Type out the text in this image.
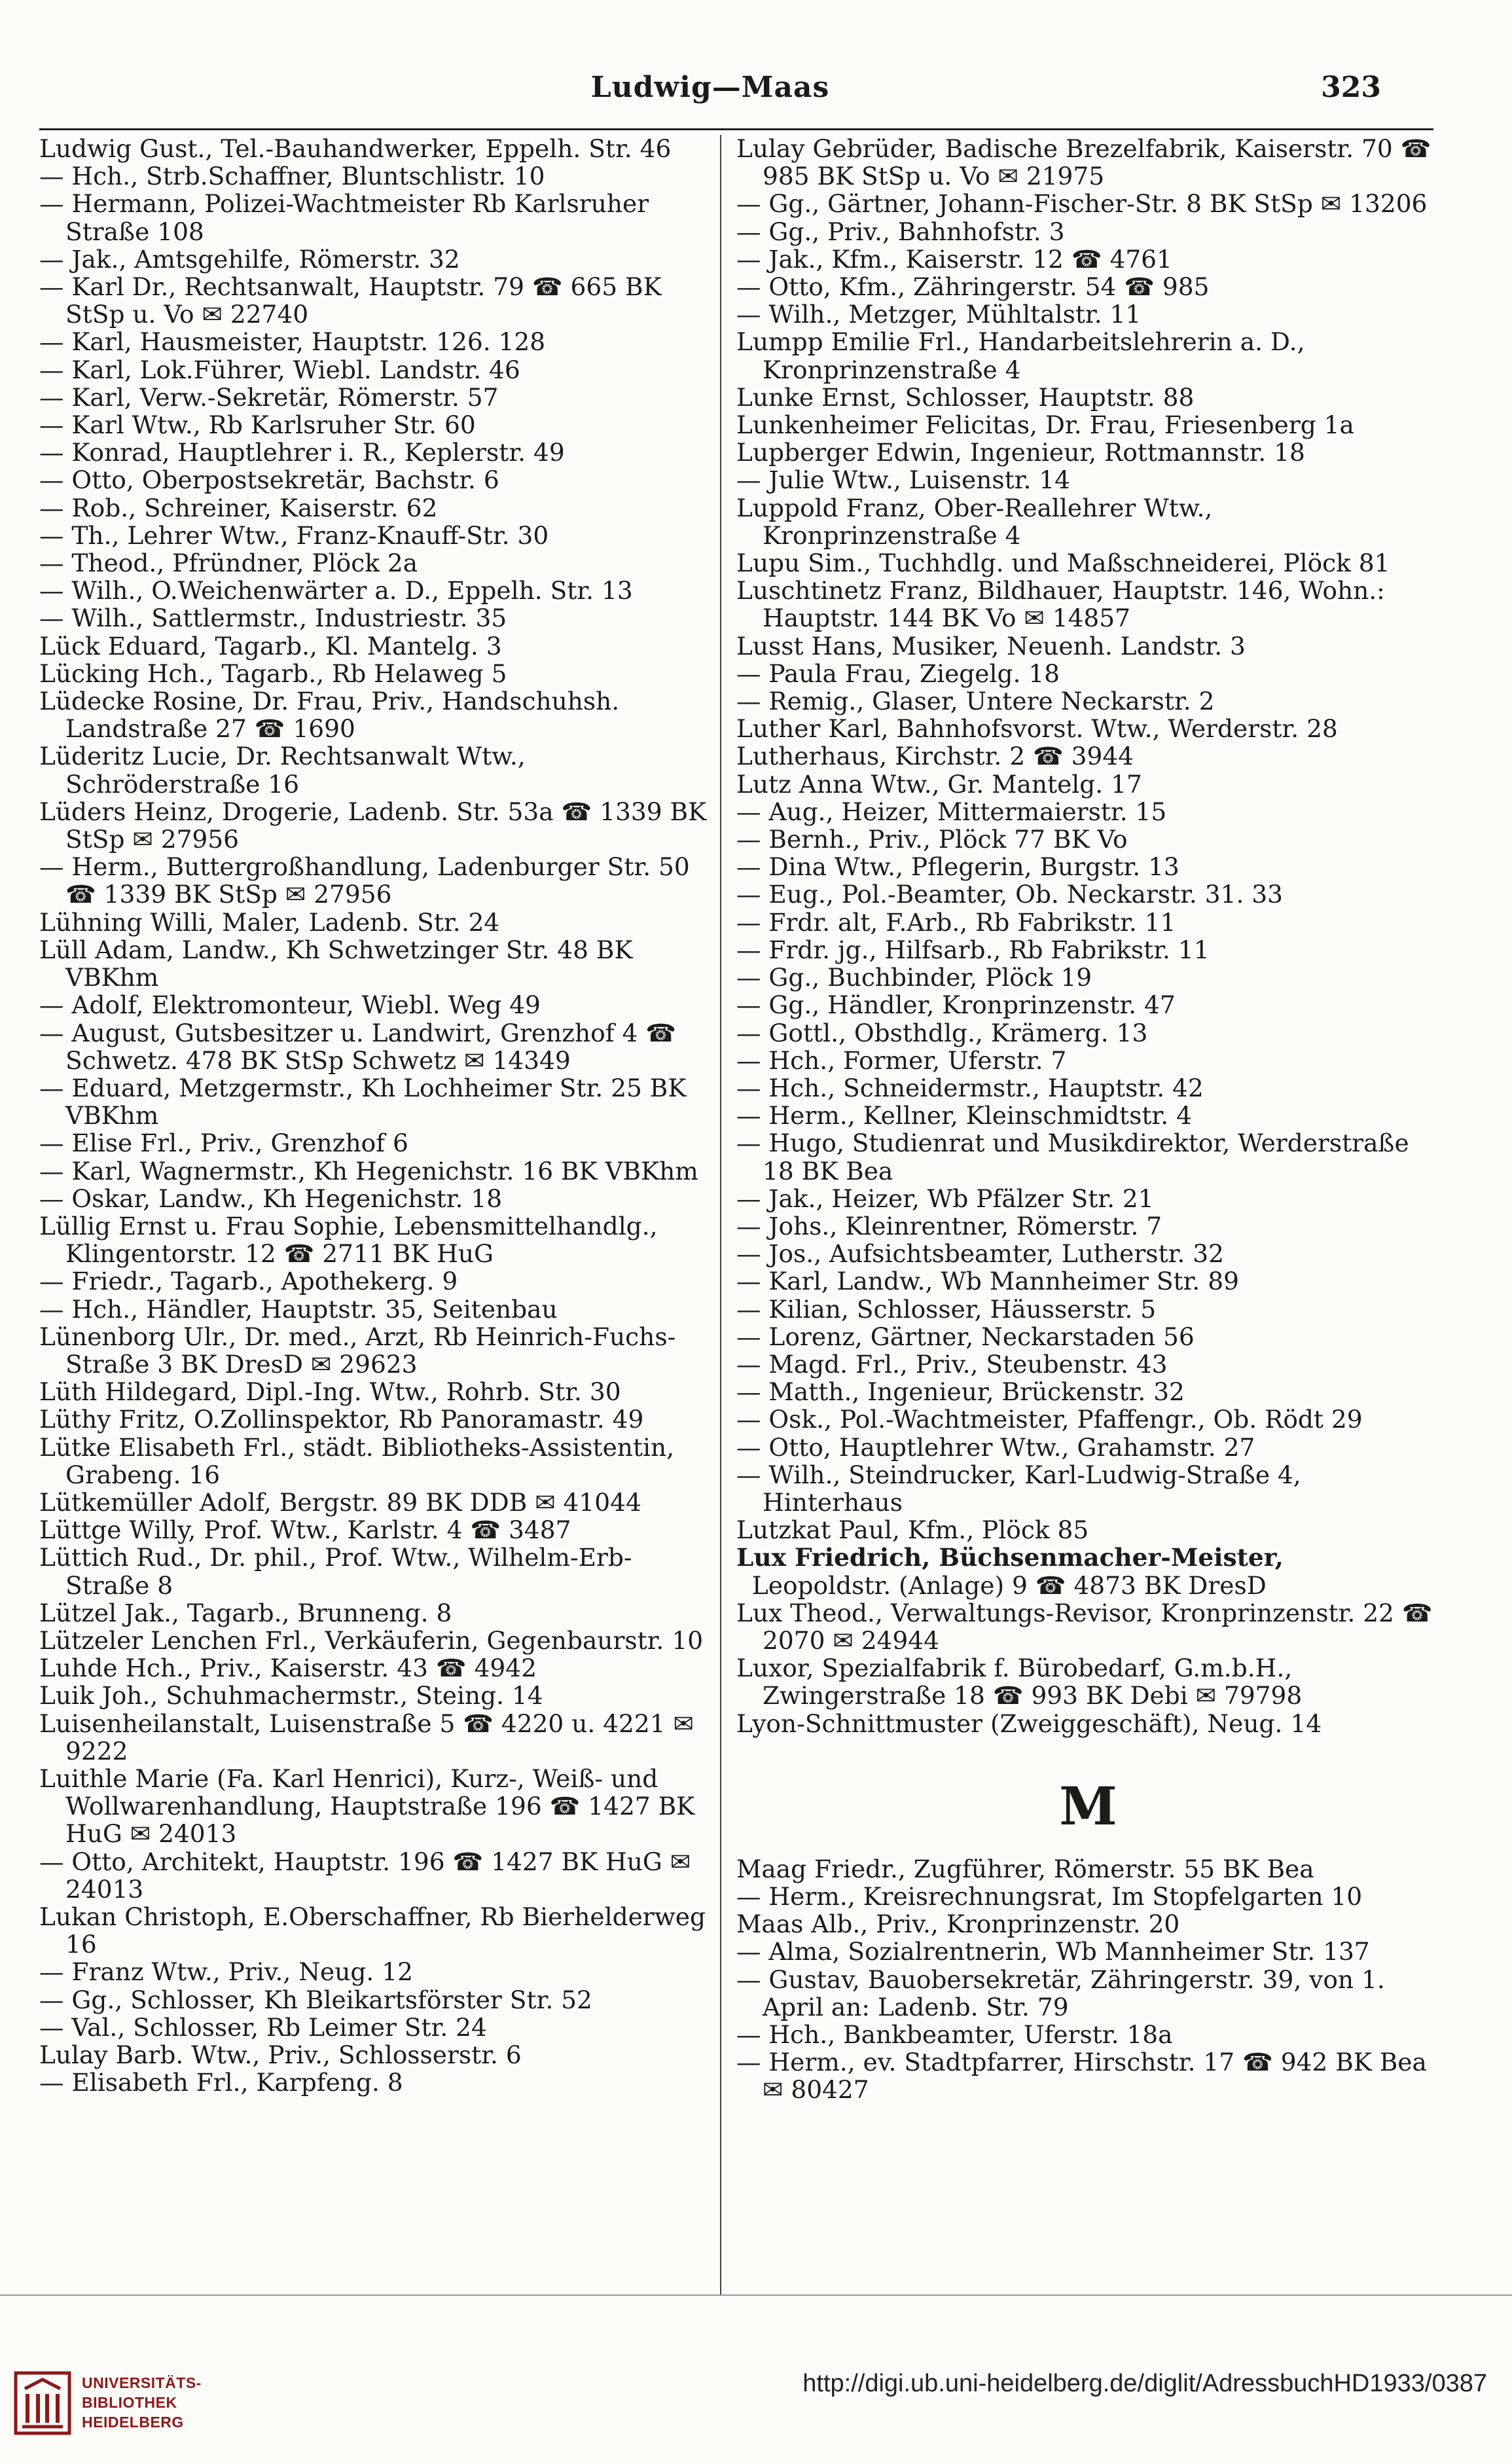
Ludwig—Maas	323

Ludwig Gust., Tel.-Bauhandwerker, Eppelh. Str. 46

— Hch., Strb.Schaffner, Bluntschlistr. 10

— Hermann, Polizei-Wachtmeister Rb Karlsruher Straße 108

— Jak., Amtsgehilfe, Römerstr. 32

— Karl Dr., Rechtsanwalt, Hauptstr. 79 ☎ 665 BK StSp u. Vo ✉ 22740

— Karl, Hausmeister, Hauptstr. 126. 128

— Karl, Lok.Führer, Wiebl. Landstr. 46

— Karl, Verw.-Sekretär, Römerstr. 57

— Karl Wtw., Rb Karlsruher Str. 60

— Konrad, Hauptlehrer i. R., Keplerstr. 49

— Otto, Oberpostsekretär, Bachstr. 6

— Rob., Schreiner, Kaiserstr. 62

— Th., Lehrer Wtw., Franz-Knauff-Str. 30

— Theod., Pfründner, Plöck 2a

— Wilh., O.Weichenwärter a. D., Eppelh. Str. 13

— Wilh., Sattlermstr., Industriestr. 35

Lück Eduard, Tagarb., Kl. Mantelg. 3

Lücking Hch., Tagarb., Rb Helaweg 5

Lüdecke Rosine, Dr. Frau, Priv., Handschuhsh. Landstraße 27 ☎ 1690

Lüderitz Lucie, Dr. Rechtsanwalt Wtw., Schröderstraße 16

Lüders Heinz, Drogerie, Ladenb. Str. 53a ☎ 1339 BK StSp ✉ 27956

— Herm., Buttergroßhandlung, Ladenburger Str. 50 ☎ 1339 BK StSp ✉ 27956

Lühning Willi, Maler, Ladenb. Str. 24

Lüll Adam, Landw., Kh Schwetzinger Str. 48 BK VBKhm

— Adolf, Elektromonteur, Wiebl. Weg 49

— August, Gutsbesitzer u. Landwirt, Grenzhof 4 ☎ Schwetz. 478 BK StSp Schwetz ✉ 14349

— Eduard, Metzgermstr., Kh Lochheimer Str. 25 BK VBKhm

— Elise Frl., Priv., Grenzhof 6

— Karl, Wagnermstr., Kh Hegenichstr. 16 BK VBKhm

— Oskar, Landw., Kh Hegenichstr. 18

Lüllig Ernst u. Frau Sophie, Lebensmittelhandlg., Klingentorstr. 12 ☎ 2711 BK HuG

— Friedr., Tagarb., Apothekerg. 9

— Hch., Händler, Hauptstr. 35, Seitenbau

Lünenborg Ulr., Dr. med., Arzt, Rb Heinrich-Fuchs-Straße 3 BK DresD ✉ 29623

Lüth Hildegard, Dipl.-Ing. Wtw., Rohrb. Str. 30

Lüthy Fritz, O.Zollinspektor, Rb Panoramastr. 49

Lütke Elisabeth Frl., städt. Bibliotheks-Assistentin, Grabeng. 16

Lütkemüller Adolf, Bergstr. 89 BK DDB ✉ 41044

Lüttge Willy, Prof. Wtw., Karlstr. 4 ☎ 3487

Lüttich Rud., Dr. phil., Prof. Wtw., Wilhelm-Erb-Straße 8

Lützel Jak., Tagarb., Brunneng. 8

Lützeler Lenchen Frl., Verkäuferin, Gegenbaurstr. 10

Luhde Hch., Priv., Kaiserstr. 43 ☎ 4942

Luik Joh., Schuhmachermstr., Steing. 14

Luisenheilanstalt, Luisenstraße 5 ☎ 4220 u. 4221 ✉ 9222

Luithle Marie (Fa. Karl Henrici), Kurz-, Weiß- und Wollwarenhandlung, Hauptstraße 196 ☎ 1427 BK HuG ✉ 24013

— Otto, Architekt, Hauptstr. 196 ☎ 1427 BK HuG ✉ 24013

Lukan Christoph, E.Oberschaffner, Rb Bierhelderweg 16

— Franz Wtw., Priv., Neug. 12

— Gg., Schlosser, Kh Bleikartsförster Str. 52

— Val., Schlosser, Rb Leimer Str. 24

Lulay Barb. Wtw., Priv., Schlosserstr. 6

— Elisabeth Frl., Karpfeng. 8

Lulay Gebrüder, Badische Brezelfabrik, Kaiserstr. 70 ☎ 985 BK StSp u. Vo ✉ 21975

— Gg., Gärtner, Johann-Fischer-Str. 8 BK StSp ✉ 13206

— Gg., Priv., Bahnhofstr. 3

— Jak., Kfm., Kaiserstr. 12 ☎ 4761

— Otto, Kfm., Zähringerstr. 54 ☎ 985

— Wilh., Metzger, Mühltalstr. 11

Lumpp Emilie Frl., Handarbeitslehrerin a. D., Kronprinzenstraße 4

Lunke Ernst, Schlosser, Hauptstr. 88

Lunkenheimer Felicitas, Dr. Frau, Friesenberg 1a

Lupberger Edwin, Ingenieur, Rottmannstr. 18

— Julie Wtw., Luisenstr. 14

Luppold Franz, Ober-Reallehrer Wtw., Kronprinzenstraße 4

Lupu Sim., Tuchhdlg. und Maßschneiderei, Plöck 81

Luschtinetz Franz, Bildhauer, Hauptstr. 146, Wohn.: Hauptstr. 144 BK Vo ✉ 14857

Lusst Hans, Musiker, Neuenh. Landstr. 3

— Paula Frau, Ziegelg. 18

— Remig., Glaser, Untere Neckarstr. 2

Luther Karl, Bahnhofsvorst. Wtw., Werderstr. 28

Lutherhaus, Kirchstr. 2 ☎ 3944

Lutz Anna Wtw., Gr. Mantelg. 17

— Aug., Heizer, Mittermaierstr. 15

— Bernh., Priv., Plöck 77 BK Vo

— Dina Wtw., Pflegerin, Burgstr. 13

— Eug., Pol.-Beamter, Ob. Neckarstr. 31. 33

— Frdr. alt, F.Arb., Rb Fabrikstr. 11

— Frdr. jg., Hilfsarb., Rb Fabrikstr. 11

— Gg., Buchbinder, Plöck 19

— Gg., Händler, Kronprinzenstr. 47

— Gottl., Obsthdlg., Krämerg. 13

— Hch., Former, Uferstr. 7

— Hch., Schneidermstr., Hauptstr. 42

— Herm., Kellner, Kleinschmidtstr. 4

— Hugo, Studienrat und Musikdirektor, Werderstraße 18 BK Bea

— Jak., Heizer, Wb Pfälzer Str. 21

— Johs., Kleinrentner, Römerstr. 7

— Jos., Aufsichtsbeamter, Lutherstr. 32

— Karl, Landw., Wb Mannheimer Str. 89

— Kilian, Schlosser, Häusserstr. 5

— Lorenz, Gärtner, Neckarstaden 56

— Magd. Frl., Priv., Steubenstr. 43

— Matth., Ingenieur, Brückenstr. 32

— Osk., Pol.-Wachtmeister, Pfaffengr., Ob. Rödt 29

— Otto, Hauptlehrer Wtw., Grahamstr. 27

— Wilh., Steindrucker, Karl-Ludwig-Straße 4, Hinterhaus

Lutzkat Paul, Kfm., Plöck 85

Lux Friedrich, Büchsenmacher-Meister,

Leopoldstr. (Anlage) 9 ☎ 4873 BK DresD

Lux Theod., Verwaltungs-Revisor, Kronprinzenstr. 22 ☎ 2070 ✉ 24944

Luxor, Spezialfabrik f. Bürobedarf, G.m.b.H., Zwingerstraße 18 ☎ 993 BK Debi ✉ 79798

Lyon-Schnittmuster (Zweiggeschäft), Neug. 14

M

Maag Friedr., Zugführer, Römerstr. 55 BK Bea

— Herm., Kreisrechnungsrat, Im Stopfelgarten 10

Maas Alb., Priv., Kronprinzenstr. 20

— Alma, Sozialrentnerin, Wb Mannheimer Str. 137

— Gustav, Bauobersekretär, Zähringerstr. 39, von 1. April an: Ladenb. Str. 79

— Hch., Bankbeamter, Uferstr. 18a

— Herm., ev. Stadtpfarrer, Hirschstr. 17 ☎ 942 BK Bea ✉ 80427

UNIVERSITÄTS-
BIBLIOTHEK
HEIDELBERG
http://digi.ub.uni-heidelberg.de/diglit/AdressbuchHD1933/0387
